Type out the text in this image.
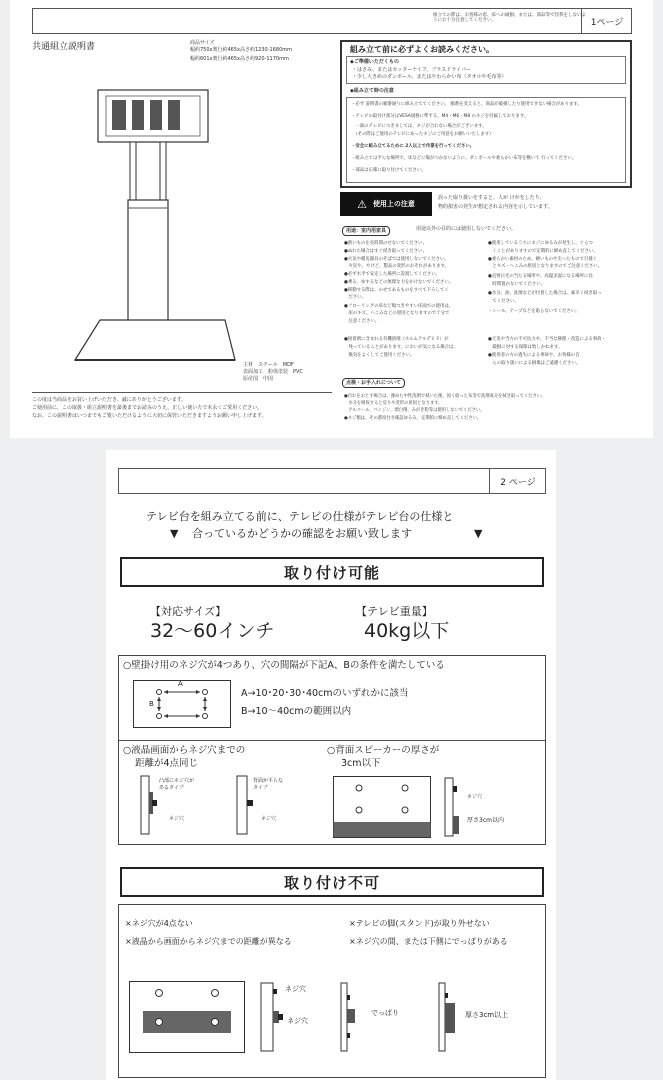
組立ての際は、お客様の窓、床への破損、または、部品等で怪我をしないようにお十分注意してください。	1ページ
共通組立説明書	商品サイズ
幅約750x奥行約465x高さ約1230-1680mm
幅約601x奥行約465x高さ約920-1170mm
主材　スチール　MDF
表面加工　粉体塗装　PVC
原産国　中国
この度は当商品をお買い上げいただき、誠にありがとうございます。
ご使用前に、この取扱・組立説明書を最後までお読みのうえ、正しい使い方で末永くご愛用ください。
なお、この説明書はいつまでもご覧いただけるように大切に保管いただきますようお願い申し上げます。
組み立て前に必ずよくお読みください。
◆ご準備いただくもの
・はさみ、またはカッターナイフ、プラスドライバー
・少し大きめのダンボール、またはやわらかい布（タオルや毛布等）
◆組み立て時の注意
・必ず 説明書の順番通りに組み立ててください。 順番を変えると、商品が破損したり使用できない場合があります。
・テレビの取付け部分はVESA規格に準ずる、M4・M6・M8 のネジを付属しております。
　一部のテレビにつきましては、ネジが合わない場合がございます。
　（その際はご使用のテレビにあったネジのご用意をお願いいたします）
・安全に組み立てるために 2人以上で作業を行ってください。
・組み立ては平らな場所で、床などに傷がつかないように、ダンボールや柔らかい布等を敷いて 行ってください。
・部品は正確に取り付けてください。
⚠ 使用上の注意
誤った取り扱いをすると、人が けがをしたり、
物的損害の発生が想定される内容を示しています。
用途：室内用家具	用途以外の目的には使用しないでください。
●熱いものを長時間のせないでください。
●ぬれた場合はすぐ拭き取ってください。
●火気や暖房器具のそばでは使用しないでください。
　火災や、やけど、製品の変形のおそれがあります。
●必ず水平で安定した場所に設置してください。
●乗る、ゆするなどの無理な力をかけないでください。
●移動する際は、のせてあるものをすべて下ろしてく
　ださい。
●フローリングの床など傷つきやすい床面での使用は、
　床のキズ、へこみなどの原因となりますので十分で
　注意ください。
●使用しているうちにネジにゆるみが発生し、ぐらつ
　くことがありますので定期的に締め直してください。
●柔らかい素材のため、硬いものや尖ったもので引掻く
　とキズ・へこみの原因となりますのでご注意ください。
●直射日光の当たる場所や、高温多湿になる場所に長
　時間置かないでください。
●水分、油、洗剤などが付着した場合は、素早く拭き取っ
　てください。
・シール、テープなどを貼らないでください。
●接着剤に含まれる有機溶剤（ホルムアルデヒド）が
　残っていることがあります。においが気になる場合は、
　換気をよくしてご使用ください。
●天災や当方の不可抗力や、不当な修理・改造による事故・
　破損に対する保障は致しかねます。
●使用者の方の過失による事故や、お客様の自
　らの取り扱いによる損傷はご遠慮ください。
点検・お手入れについて
●汚れをおとす場合は、薄めた中性洗剤で拭いた後、固く絞った布等で洗剤成分を拭き取ってください。
　水分を吸収すると反りや変形の原因となります。
　アルコール、ベンジン、漂白剤、みがき粉等は使用しないでください。
●ネジ類は、その都度付き確認ゆるみ、定期的に締め直してください。
2 ページ
テレビ台を組み立てる前に、テレビの仕様がテレビ台の仕様と
▼ 合っているかどうかの確認をお願い致します	▼
取り付け可能
【対応サイズ】
32～60インチ
【テレビ重量】
40kg以下
○壁掛け用のネジ穴が4つあり、穴の間隔が下記A、Bの条件を満たしている
A
B
A→10･20･30･40cmのいずれかに該当
B→10～40cmの範囲以内
○液晶画面からネジ穴までの
距離が4点同じ
○背面スピーカーの厚さが
3cm以下
凸部にネジ穴が
あるタイプ
ネジ穴
背面が平らな
タイプ
ネジ穴
ネジ穴
厚さ3cm以内
取り付け不可
×ネジ穴が4点ない	×テレビの脚(スタンド)が取り外せない
×液晶から画面からネジ穴までの距離が異なる	×ネジ穴の間、または下側にでっぱりがある
ネジ穴
ネジ穴
でっぱり	厚さ3cm以上
